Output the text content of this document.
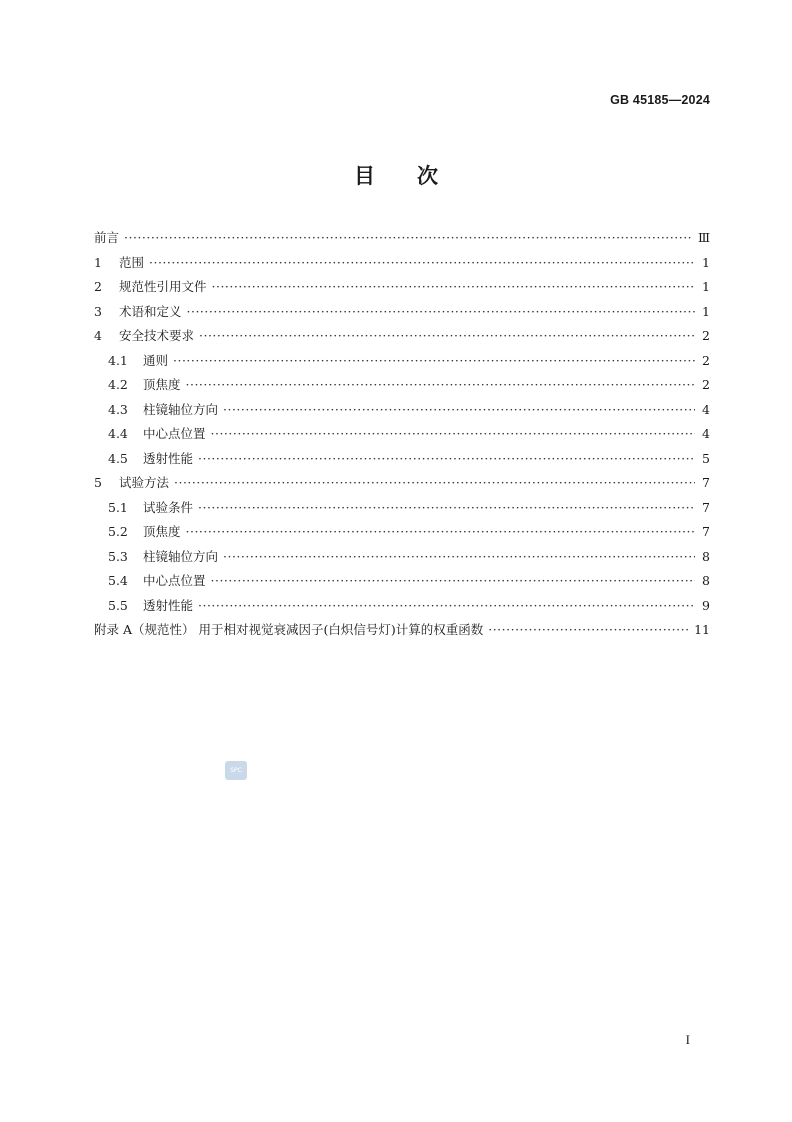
GB 45185—2024
目次
前言 ·····	Ⅲ
1	范围 ·····	1
2	规范性引用文件 ·····	1
3	术语和定义 ·····	1
4	安全技术要求 ·····	2
4.1	通则 ·····	2
4.2	顶焦度 ·····	2
4.3	柱镜轴位方向 ·····	4
4.4	中心点位置 ·····	4
4.5	透射性能 ·····	5
5	试验方法 ·····	7
5.1	试验条件 ·····	7
5.2	顶焦度 ·····	7
5.3	柱镜轴位方向 ·····	8
5.4	中心点位置 ·····	8
5.5	透射性能 ·····	9
附录 A（规范性） 用于相对视觉衰减因子(白炽信号灯)计算的权重函数 ·····	11
SPC
I
